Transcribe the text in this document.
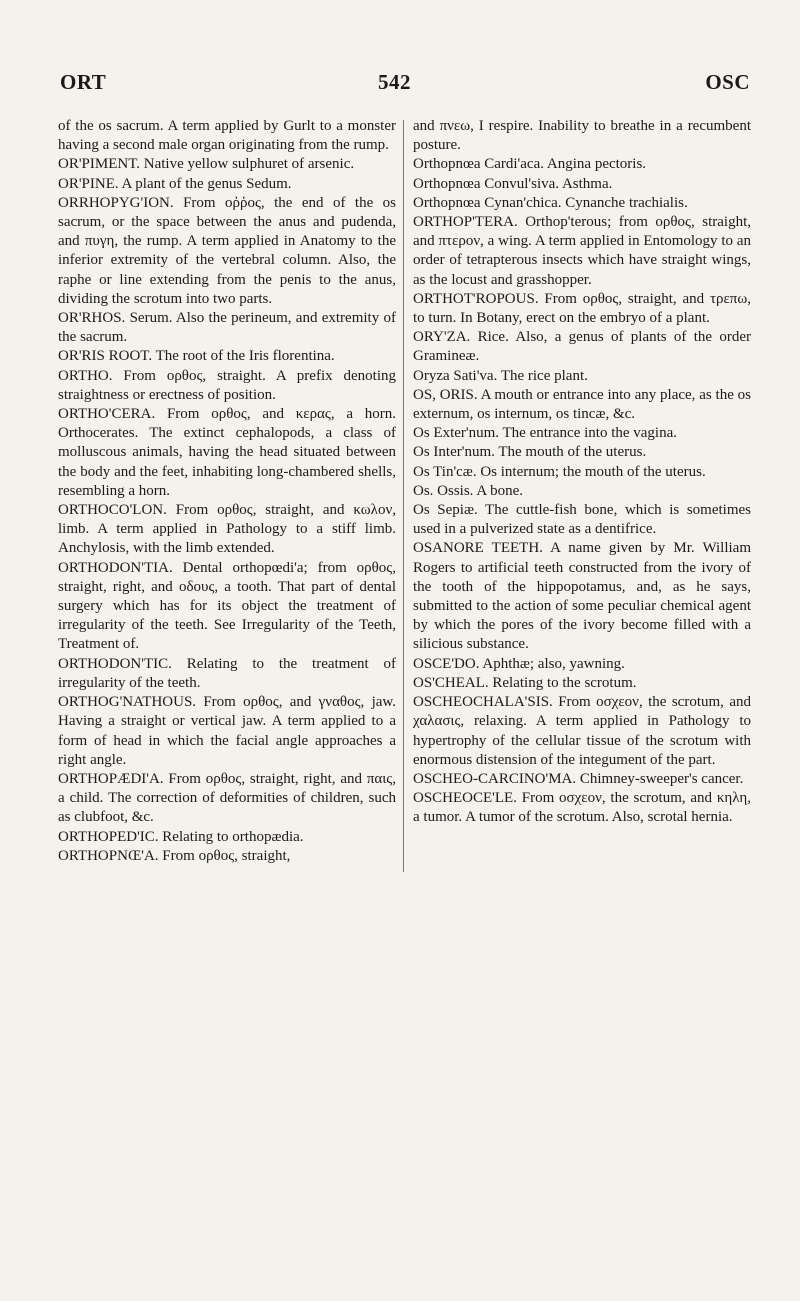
ORT	542	OSC

of the os sacrum. A term applied by Gurlt to a monster having a second male organ originating from the rump.

OR'PIMENT. Native yellow sulphuret of arsenic.

OR'PINE. A plant of the genus Sedum.

ORRHOPYG'ION. From οῤῥος, the end of the os sacrum, or the space between the anus and pudenda, and πυγη, the rump. A term applied in Anatomy to the inferior extremity of the vertebral column. Also, the raphe or line extending from the penis to the anus, dividing the scrotum into two parts.

OR'RHOS. Serum. Also the perineum, and extremity of the sacrum.

OR'RIS ROOT. The root of the Iris florentina.

ORTHO. From ορθος, straight. A prefix denoting straightness or erectness of position.

ORTHO'CERA. From ορθος, and κερας, a horn. Orthocerates. The extinct cephalopods, a class of molluscous animals, having the head situated between the body and the feet, inhabiting long-chambered shells, resembling a horn.

ORTHOCO'LON. From ορθος, straight, and κωλον, limb. A term applied in Pathology to a stiff limb. Anchylosis, with the limb extended.

ORTHODON'TIA. Dental orthopœdi'a; from ορθος, straight, right, and οδους, a tooth. That part of dental surgery which has for its object the treatment of irregularity of the teeth. See Irregularity of the Teeth, Treatment of.

ORTHODON'TIC. Relating to the treatment of irregularity of the teeth.

ORTHOG'NATHOUS. From ορθος, and γναθος, jaw. Having a straight or vertical jaw. A term applied to a form of head in which the facial angle approaches a right angle.

ORTHOPÆDI'A. From ορθος, straight, right, and παις, a child. The correction of deformities of children, such as clubfoot, &c.

ORTHOPED'IC. Relating to orthopædia.

ORTHOPNŒ'A. From ορθος, straight,

and πνεω, I respire. Inability to breathe in a recumbent posture.

Orthopnœa Cardi'aca. Angina pectoris.

Orthopnœa Convul'siva. Asthma.

Orthopnœa Cynan'chica. Cynanche trachialis.

ORTHOP'TERA. Orthop'terous; from ορθος, straight, and πτερον, a wing. A term applied in Entomology to an order of tetrapterous insects which have straight wings, as the locust and grasshopper.

ORTHOT'ROPOUS. From ορθος, straight, and τρεπω, to turn. In Botany, erect on the embryo of a plant.

ORY'ZA. Rice. Also, a genus of plants of the order Gramineæ.

Oryza Sati'va. The rice plant.

OS, ORIS. A mouth or entrance into any place, as the os externum, os internum, os tincæ, &c.

Os Exter'num. The entrance into the vagina.

Os Inter'num. The mouth of the uterus.

Os Tin'cæ. Os internum; the mouth of the uterus.

Os. Ossis. A bone.

Os Sepiæ. The cuttle-fish bone, which is sometimes used in a pulverized state as a dentifrice.

OSANORE TEETH. A name given by Mr. William Rogers to artificial teeth constructed from the ivory of the tooth of the hippopotamus, and, as he says, submitted to the action of some peculiar chemical agent by which the pores of the ivory become filled with a silicious substance.

OSCE'DO. Aphthæ; also, yawning.

OS'CHEAL. Relating to the scrotum.

OSCHEOCHALA'SIS. From οσχεον, the scrotum, and χαλασις, relaxing. A term applied in Pathology to hypertrophy of the cellular tissue of the scrotum with enormous distension of the integument of the part.

OSCHEO-CARCINO'MA. Chimney-sweeper's cancer.

OSCHEOCE'LE. From οσχεον, the scrotum, and κηλη, a tumor. A tumor of the scrotum. Also, scrotal hernia.
